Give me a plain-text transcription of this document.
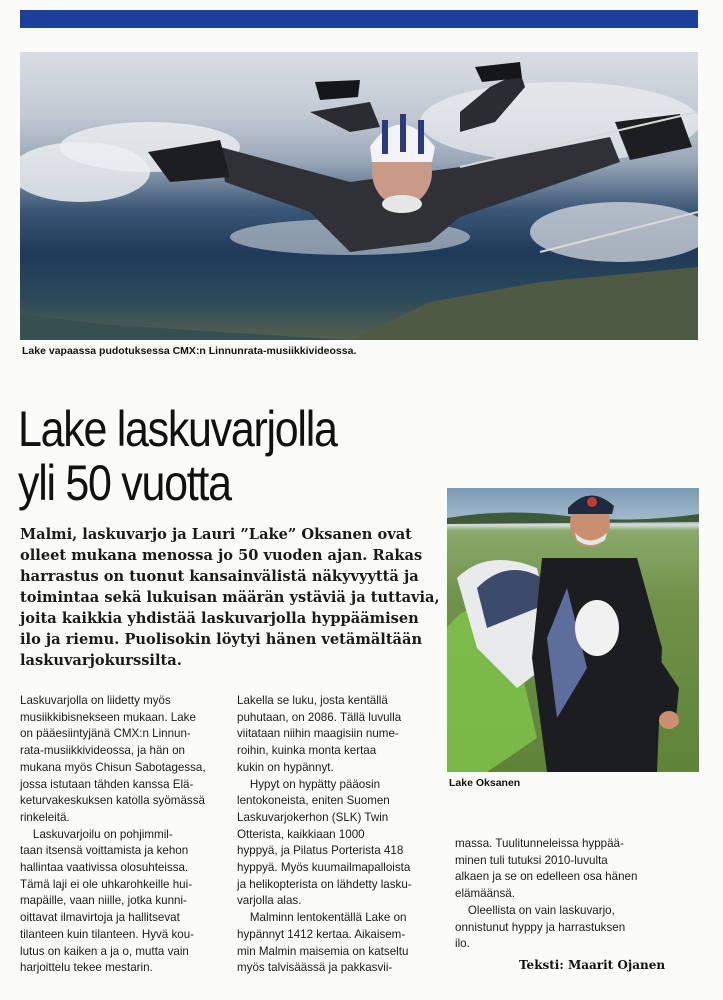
Lake vapaassa pudotuksessa CMX:n Linnunrata-musiikkivideossa.
Lake laskuvarjolla
yli 50 vuotta
Malmi, laskuvarjo ja Lauri ”Lake” Oksanen ovat
olleet mukana menossa jo 50 vuoden ajan. Rakas
harrastus on tuonut kansainvälistä näkyvyyttä ja
toimintaa sekä lukuisan määrän ystäviä ja tuttavia,
joita kaikkia yhdistää laskuvarjolla hyppäämisen
ilo ja riemu. Puolisokin löytyi hänen vetämältään
laskuvarjokurssilta.
Lake Oksanen
Laskuvarjolla on liidetty myös
musiikkibisnekseen mukaan. Lake
on pääesiintyjänä CMX:n Linnun-
rata-musiikkivideossa, ja hän on
mukana myös Chisun Sabotagessa,
jossa istutaan tähden kanssa Elä-
keturvakeskuksen katolla syömässä
rinkeleitä.
Laskuvarjoilu on pohjimmil-
taan itsensä voittamista ja kehon
hallintaa vaativissa olosuhteissa.
Tämä laji ei ole uhkarohkeille hui-
mapäille, vaan niille, jotka kunni-
oittavat ilmavirtoja ja hallitsevat
tilanteen kuin tilanteen. Hyvä kou-
lutus on kaiken a ja o, mutta vain
harjoittelu tekee mestarin.
Lakella se luku, josta kentällä
puhutaan, on 2086. Tällä luvulla
viitataan niihin maagisiin nume-
roihin, kuinka monta kertaa
kukin on hypännyt.
Hypyt on hypätty pääosin
lentokoneista, eniten Suomen
Laskuvarjokerhon (SLK) Twin
Otterista, kaikkiaan 1000
hyppyä, ja Pilatus Porterista 418
hyppyä. Myös kuumailmapalloista
ja helikopterista on lähdetty lasku-
varjolla alas.
Malminn lentokentällä Lake on
hypännyt 1412 kertaa. Aikaisem-
min Malmin maisemia on katseltu
myös talvisäässä ja pakkasvii-
massa. Tuulitunneleissa hyppää-
minen tuli tutuksi 2010-luvulta
alkaen ja se on edelleen osa hänen
elämäänsä.
Oleellista on vain laskuvarjo,
onnistunut hyppy ja harrastuksen
ilo.
Teksti: Maarit Ojanen
